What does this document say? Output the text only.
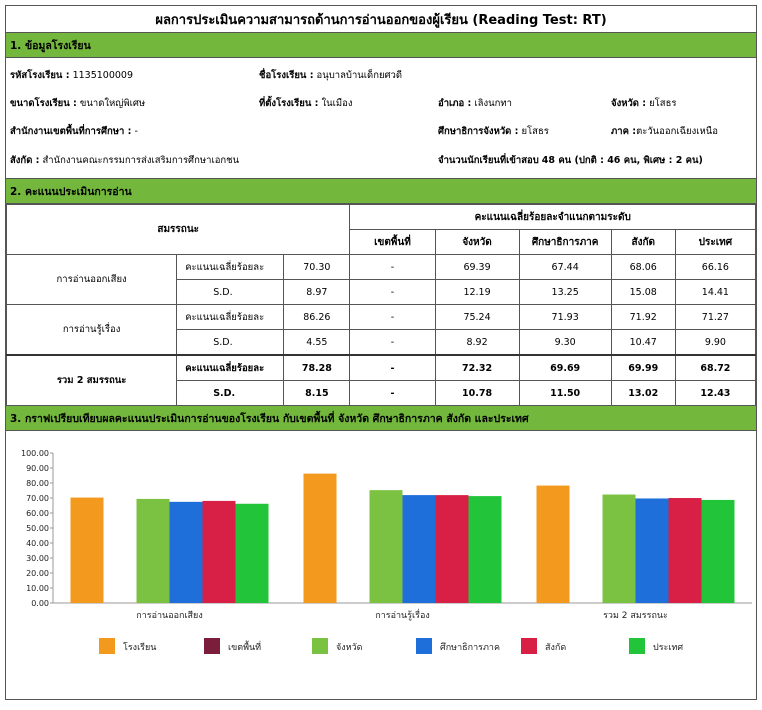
ผลการประเมินความสามารถด้านการอ่านออกของผู้เรียน (Reading Test: RT)
1. ข้อมูลโรงเรียน
รหัสโรงเรียน : 1135100009	ชื่อโรงเรียน : อนุบาลบ้านเด็กยศวดี
ขนาดโรงเรียน : ขนาดใหญ่พิเศษ	ที่ตั้งโรงเรียน : ในเมือง	อำเภอ : เลิงนกทา	จังหวัด : ยโสธร
สำนักงานเขตพื้นที่การศึกษา : -	ศึกษาธิการจังหวัด : ยโสธร	ภาค :ตะวันออกเฉียงเหนือ
สังกัด : สำนักงานคณะกรรมการส่งเสริมการศึกษาเอกชน	จำนวนนักเรียนที่เข้าสอบ 48 คน (ปกติ : 46 คน, พิเศษ : 2 คน)
2. คะแนนประเมินการอ่าน
สมรรถนะ			คะแนนเฉลี่ยร้อยละจำแนกตามระดับ				
			เขตพื้นที่	จังหวัด	ศึกษาธิการภาค	สังกัด	ประเทศ
การอ่านออกเสียง	คะแนนเฉลี่ยร้อยละ	70.30	-	69.39	67.44	68.06	66.16
	S.D.	8.97	-	12.19	13.25	15.08	14.41
การอ่านรู้เรื่อง	คะแนนเฉลี่ยร้อยละ	86.26	-	75.24	71.93	71.92	71.27
	S.D.	4.55	-	8.92	9.30	10.47	9.90
รวม 2 สมรรถนะ	คะแนนเฉลี่ยร้อยละ	78.28	-	72.32	69.69	69.99	68.72
	S.D.	8.15	-	10.78	11.50	13.02	12.43
3. กราฟเปรียบเทียบผลคะแนนประเมินการอ่านของโรงเรียน กับเขตพื้นที่ จังหวัด ศึกษาธิการภาค สังกัด และประเทศ
0.00
10.00
20.00
30.00
40.00
50.00
60.00
70.00
80.00
90.00
100.00
การอ่านออกเสียง	การอ่านรู้เรื่อง	รวม 2 สมรรถนะ
โรงเรียน	เขตพื้นที่	จังหวัด	ศึกษาธิการภาค	สังกัด	ประเทศ
